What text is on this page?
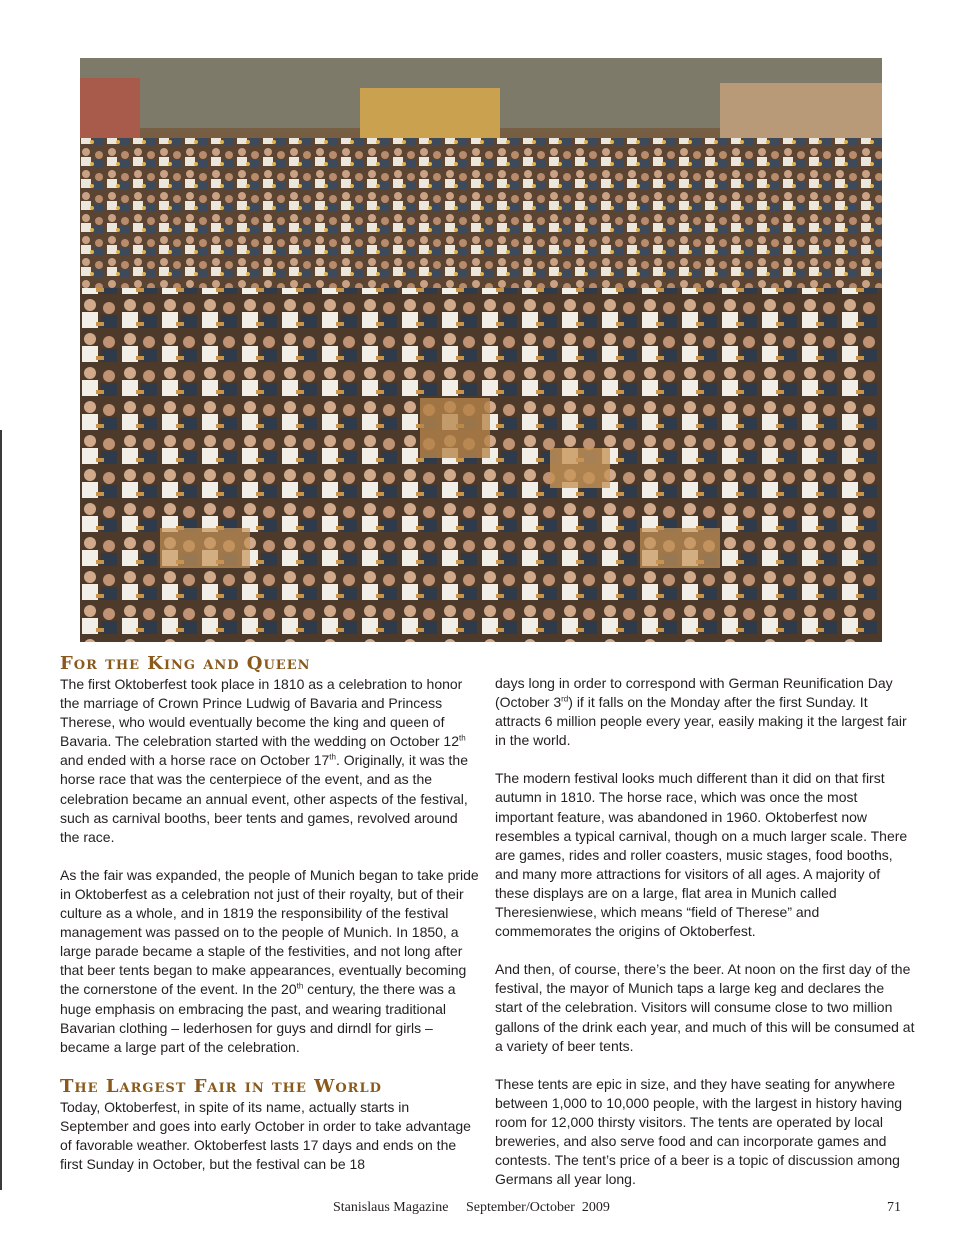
For the King and Queen

The first Oktoberfest took place in 1810 as a celebration to honor the marriage of Crown Prince Ludwig of Bavaria and Princess Therese, who would eventually become the king and queen of Bavaria. The celebration started with the wedding on October 12th and ended with a horse race on October 17th. Originally, it was the horse race that was the centerpiece of the event, and as the celebration became an annual event, other aspects of the festival, such as carnival booths, beer tents and games, revolved around the race.

As the fair was expanded, the people of Munich began to take pride in Oktoberfest as a celebration not just of their royalty, but of their culture as a whole, and in 1819 the responsibility of the festival management was passed on to the people of Munich. In 1850, a large parade became a staple of the festivities, and not long after that beer tents began to make appearances, eventually becoming the cornerstone of the event. In the 20th century, the there was a huge emphasis on embracing the past, and wearing traditional Bavarian clothing – lederhosen for guys and dirndl for girls – became a large part of the celebration.

The Largest Fair in the World

Today, Oktoberfest, in spite of its name, actually starts in September and goes into early October in order to take advantage of favorable weather. Oktoberfest lasts 17 days and ends on the first Sunday in October, but the festival can be 18

days long in order to correspond with German Reunification Day (October 3rd) if it falls on the Monday after the first Sunday. It attracts 6 million people every year, easily making it the largest fair in the world.

The modern festival looks much different than it did on that first autumn in 1810. The horse race, which was once the most important feature, was abandoned in 1960. Oktoberfest now resembles a typical carnival, though on a much larger scale. There are games, rides and roller coasters, music stages, food booths, and many more attractions for visitors of all ages. A majority of these displays are on a large, flat area in Munich called Theresienwiese, which means “field of Therese” and commemorates the origins of Oktoberfest.

And then, of course, there’s the beer. At noon on the first day of the festival, the mayor of Munich taps a large keg and declares the start of the celebration. Visitors will consume close to two million gallons of the drink each year, and much of this will be consumed at a variety of beer tents.

These tents are epic in size, and they have seating for anywhere between 1,000 to 10,000 people, with the largest in history having room for 12,000 thirsty visitors. The tents are operated by local breweries, and also serve food and can incorporate games and contests. The tent’s price of a beer is a topic of discussion among Germans all year long.

Stanislaus Magazine     September/October  2009	71
